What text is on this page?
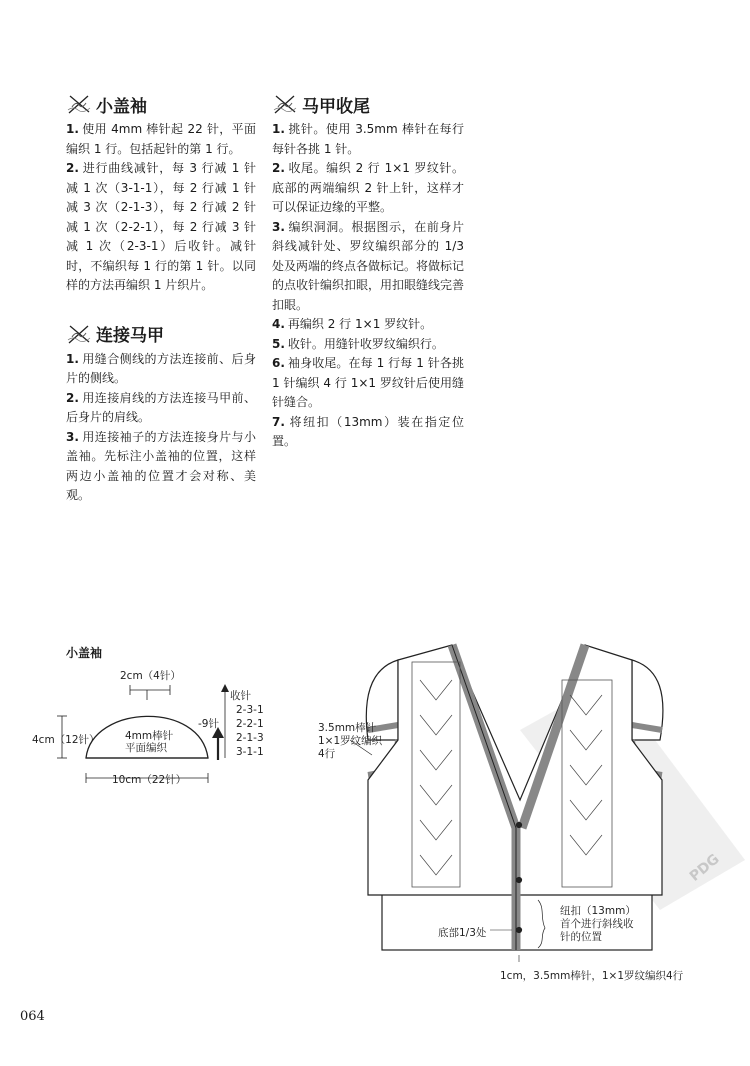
小盖袖
1. 使用 4mm 棒针起 22 针，平面编织 1 行。包括起针的第 1 行。
2. 进行曲线减针，每 3 行减 1 针减 1 次（3-1-1），每 2 行减 1 针减 3 次（2-1-3），每 2 行减 2 针减 1 次（2-2-1），每 2 行减 3 针减 1 次（2-3-1）后收针。减针时，不编织每 1 行的第 1 针。以同样的方法再编织 1 片织片。
连接马甲
1. 用缝合侧线的方法连接前、后身片的侧线。
2. 用连接肩线的方法连接马甲前、后身片的肩线。
3. 用连接袖子的方法连接身片与小盖袖。先标注小盖袖的位置，这样两边小盖袖的位置才会对称、美观。
马甲收尾
1. 挑针。使用 3.5mm 棒针在每行每针各挑 1 针。
2. 收尾。编织 2 行 1×1 罗纹针。底部的两端编织 2 针上针，这样才可以保证边缘的平整。
3. 编织洞洞。根据图示，在前身片斜线减针处、罗纹编织部分的 1/3 处及两端的终点各做标记。将做标记的点收针编织扣眼，用扣眼缝线完善扣眼。
4. 再编织 2 行 1×1 罗纹针。
5. 收针。用缝针收罗纹编织行。
6. 袖身收尾。在每 1 行每 1 针各挑 1 针编织 4 行 1×1 罗纹针后使用缝针缝合。
7. 将纽扣（13mm）装在指定位置。
小盖袖
2cm（4针）
4cm（12针） 4mm棒针
平面编织
10cm（22针）
收针
-9针
2-3-1
2-2-1
2-1-3
3-1-1
3.5mm棒针
1×1罗纹编织
4行
纽扣（13mm）
首个进行斜线收
针的位置
底部1/3处
1cm，3.5mm棒针，1×1罗纹编织4行
PDG
064
